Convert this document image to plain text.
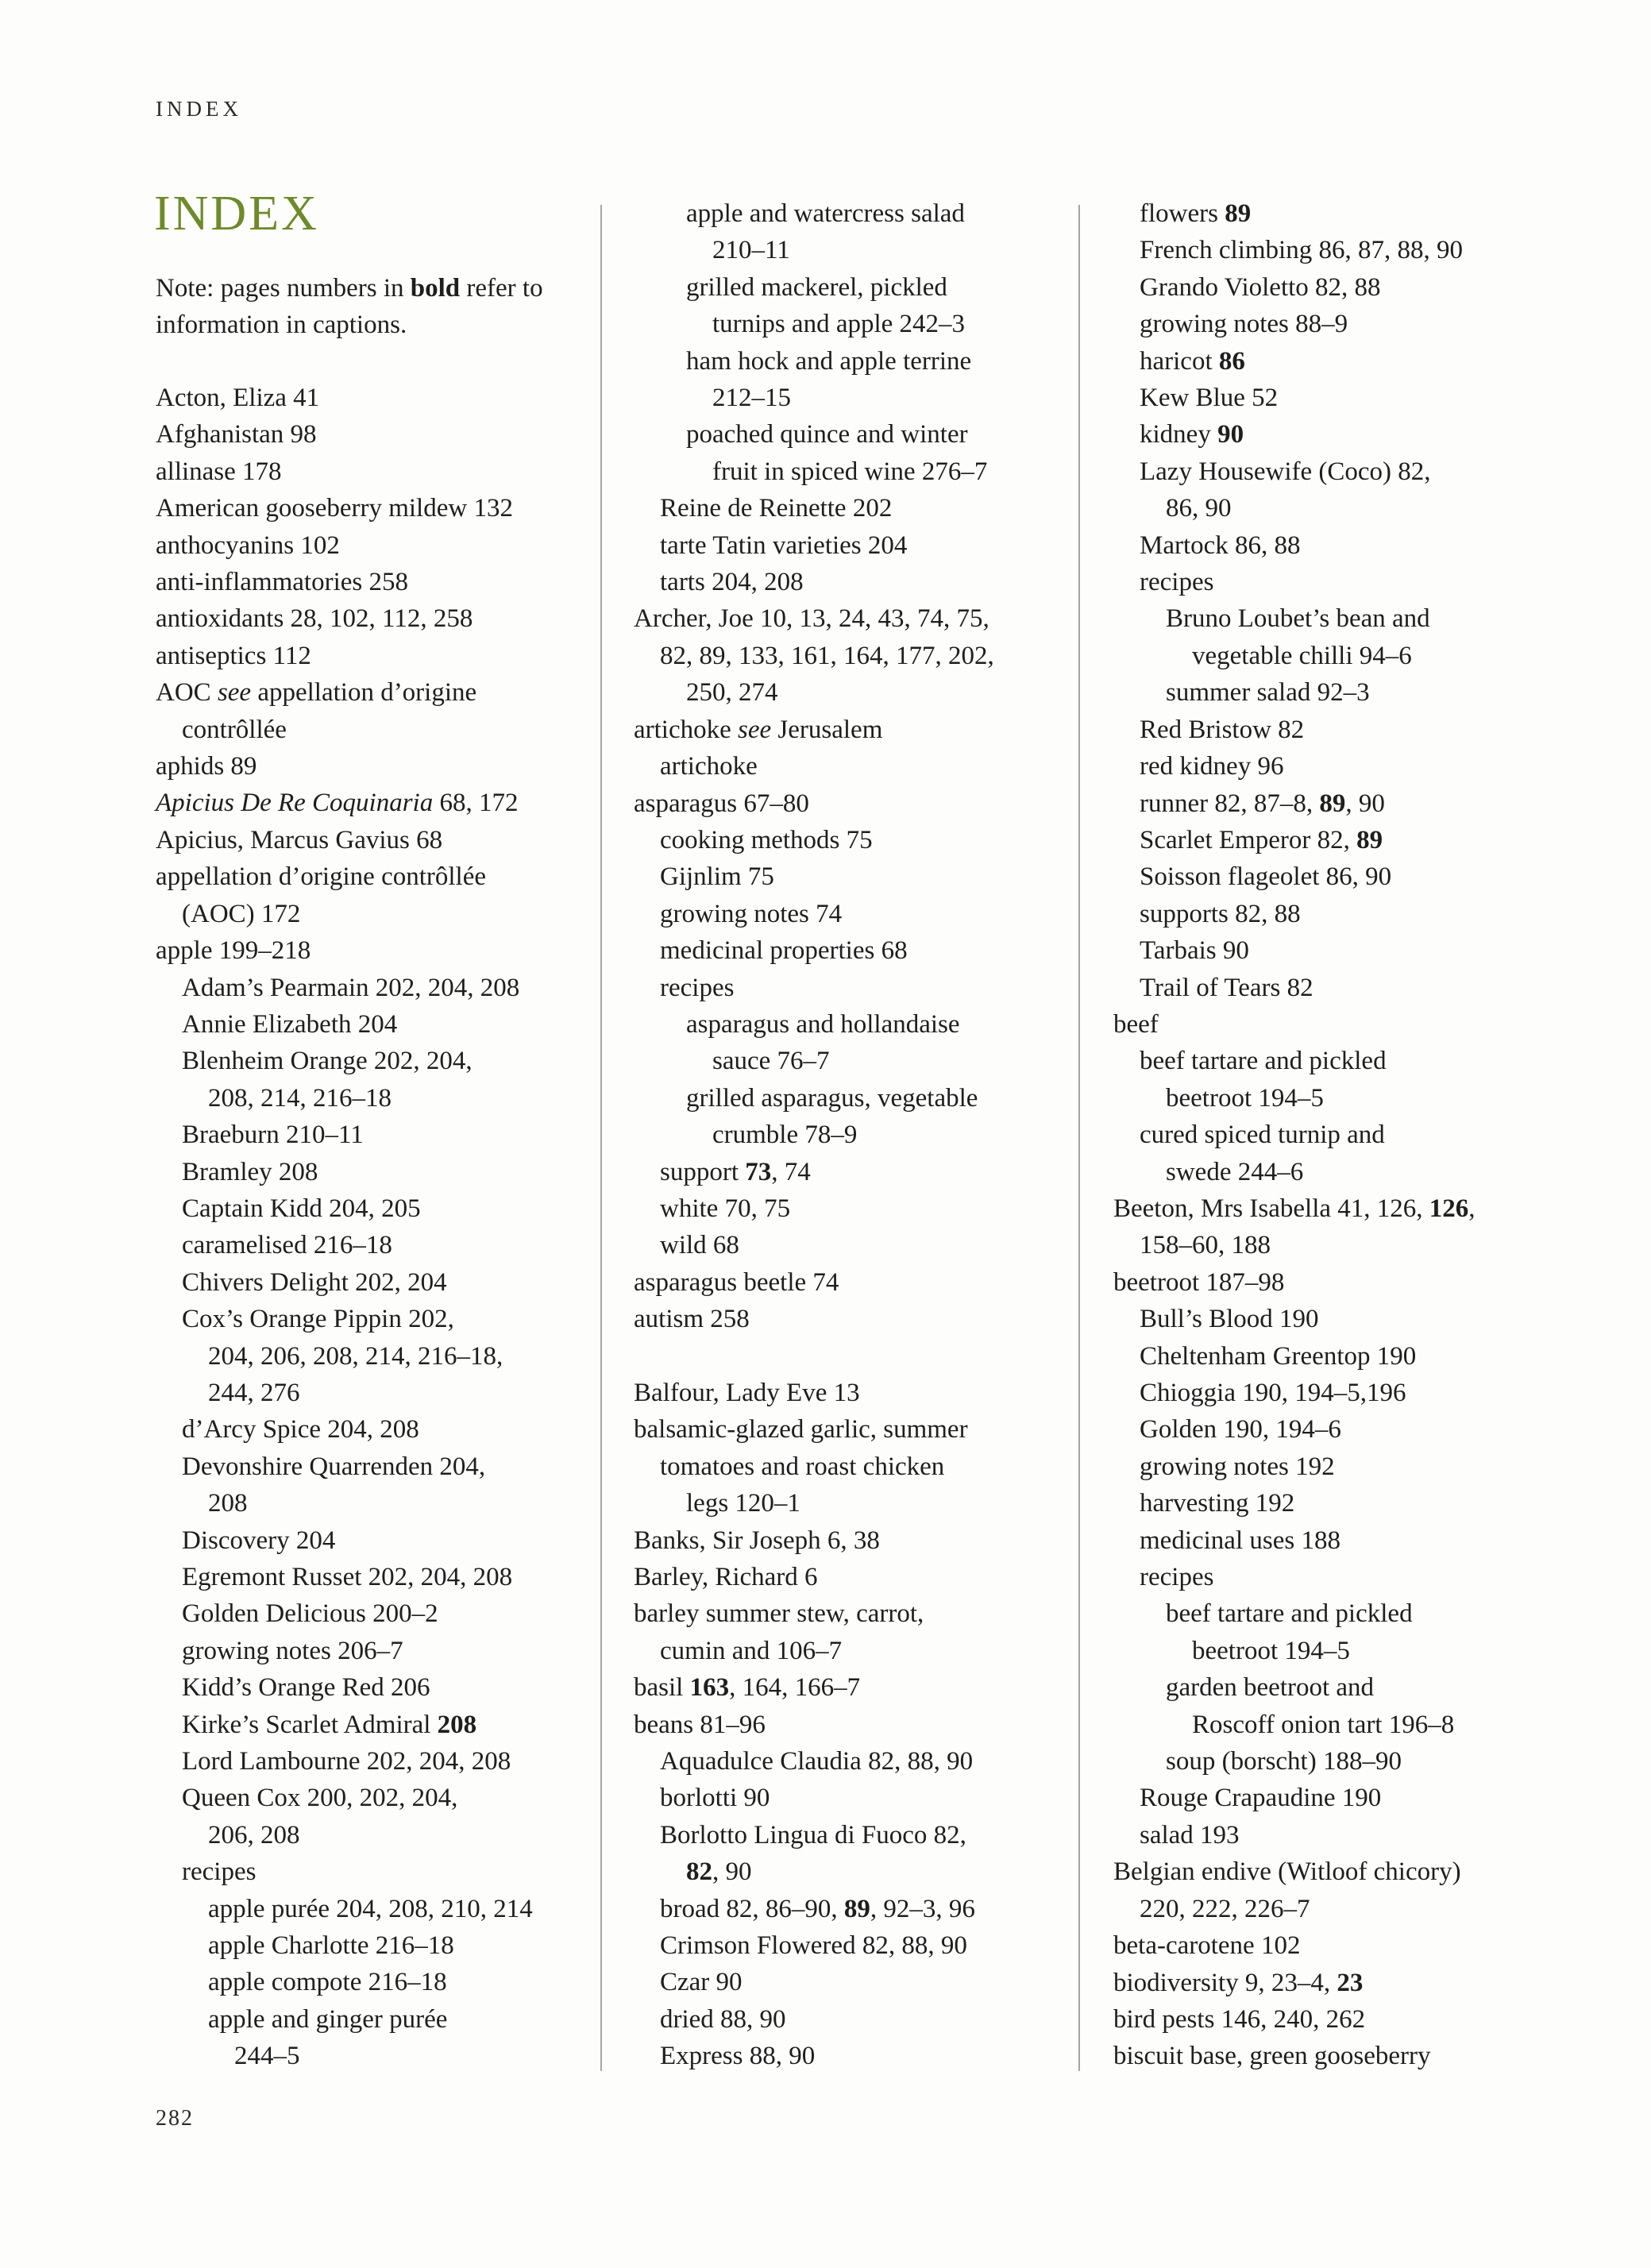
INDEX
INDEX
Note: pages numbers in bold refer to information in captions.
Acton, Eliza 41
Afghanistan 98
allinase 178
American gooseberry mildew 132
anthocyanins 102
anti-inflammatories 258
antioxidants 28, 102, 112, 258
antiseptics 112
AOC see appellation d’origine
contrôllée
aphids 89
Apicius De Re Coquinaria 68, 172
Apicius, Marcus Gavius 68
appellation d’origine contrôllée
(AOC) 172
apple 199–218
Adam’s Pearmain 202, 204, 208
Annie Elizabeth 204
Blenheim Orange 202, 204,
208, 214, 216–18
Braeburn 210–11
Bramley 208
Captain Kidd 204, 205
caramelised 216–18
Chivers Delight 202, 204
Cox’s Orange Pippin 202,
204, 206, 208, 214, 216–18,
244, 276
d’Arcy Spice 204, 208
Devonshire Quarrenden 204,
208
Discovery 204
Egremont Russet 202, 204, 208
Golden Delicious 200–2
growing notes 206–7
Kidd’s Orange Red 206
Kirke’s Scarlet Admiral 208
Lord Lambourne 202, 204, 208
Queen Cox 200, 202, 204,
206, 208
recipes
apple purée 204, 208, 210, 214
apple Charlotte 216–18
apple compote 216–18
apple and ginger purée
244–5
apple and watercress salad
210–11
grilled mackerel, pickled
turnips and apple 242–3
ham hock and apple terrine
212–15
poached quince and winter
fruit in spiced wine 276–7
Reine de Reinette 202
tarte Tatin varieties 204
tarts 204, 208
Archer, Joe 10, 13, 24, 43, 74, 75,
82, 89, 133, 161, 164, 177, 202,
250, 274
artichoke see Jerusalem
artichoke
asparagus 67–80
cooking methods 75
Gijnlim 75
growing notes 74
medicinal properties 68
recipes
asparagus and hollandaise
sauce 76–7
grilled asparagus, vegetable
crumble 78–9
support 73, 74
white 70, 75
wild 68
asparagus beetle 74
autism 258
Balfour, Lady Eve 13
balsamic-glazed garlic, summer
tomatoes and roast chicken
legs 120–1
Banks, Sir Joseph 6, 38
Barley, Richard 6
barley summer stew, carrot,
cumin and 106–7
basil 163, 164, 166–7
beans 81–96
Aquadulce Claudia 82, 88, 90
borlotti 90
Borlotto Lingua di Fuoco 82,
82, 90
broad 82, 86–90, 89, 92–3, 96
Crimson Flowered 82, 88, 90
Czar 90
dried 88, 90
Express 88, 90
flowers 89
French climbing 86, 87, 88, 90
Grando Violetto 82, 88
growing notes 88–9
haricot 86
Kew Blue 52
kidney 90
Lazy Housewife (Coco) 82,
86, 90
Martock 86, 88
recipes
Bruno Loubet’s bean and
vegetable chilli 94–6
summer salad 92–3
Red Bristow 82
red kidney 96
runner 82, 87–8, 89, 90
Scarlet Emperor 82, 89
Soisson flageolet 86, 90
supports 82, 88
Tarbais 90
Trail of Tears 82
beef
beef tartare and pickled
beetroot 194–5
cured spiced turnip and
swede 244–6
Beeton, Mrs Isabella 41, 126, 126,
158–60, 188
beetroot 187–98
Bull’s Blood 190
Cheltenham Greentop 190
Chioggia 190, 194–5,196
Golden 190, 194–6
growing notes 192
harvesting 192
medicinal uses 188
recipes
beef tartare and pickled
beetroot 194–5
garden beetroot and
Roscoff onion tart 196–8
soup (borscht) 188–90
Rouge Crapaudine 190
salad 193
Belgian endive (Witloof chicory)
220, 222, 226–7
beta-carotene 102
biodiversity 9, 23–4, 23
bird pests 146, 240, 262
biscuit base, green gooseberry
282
